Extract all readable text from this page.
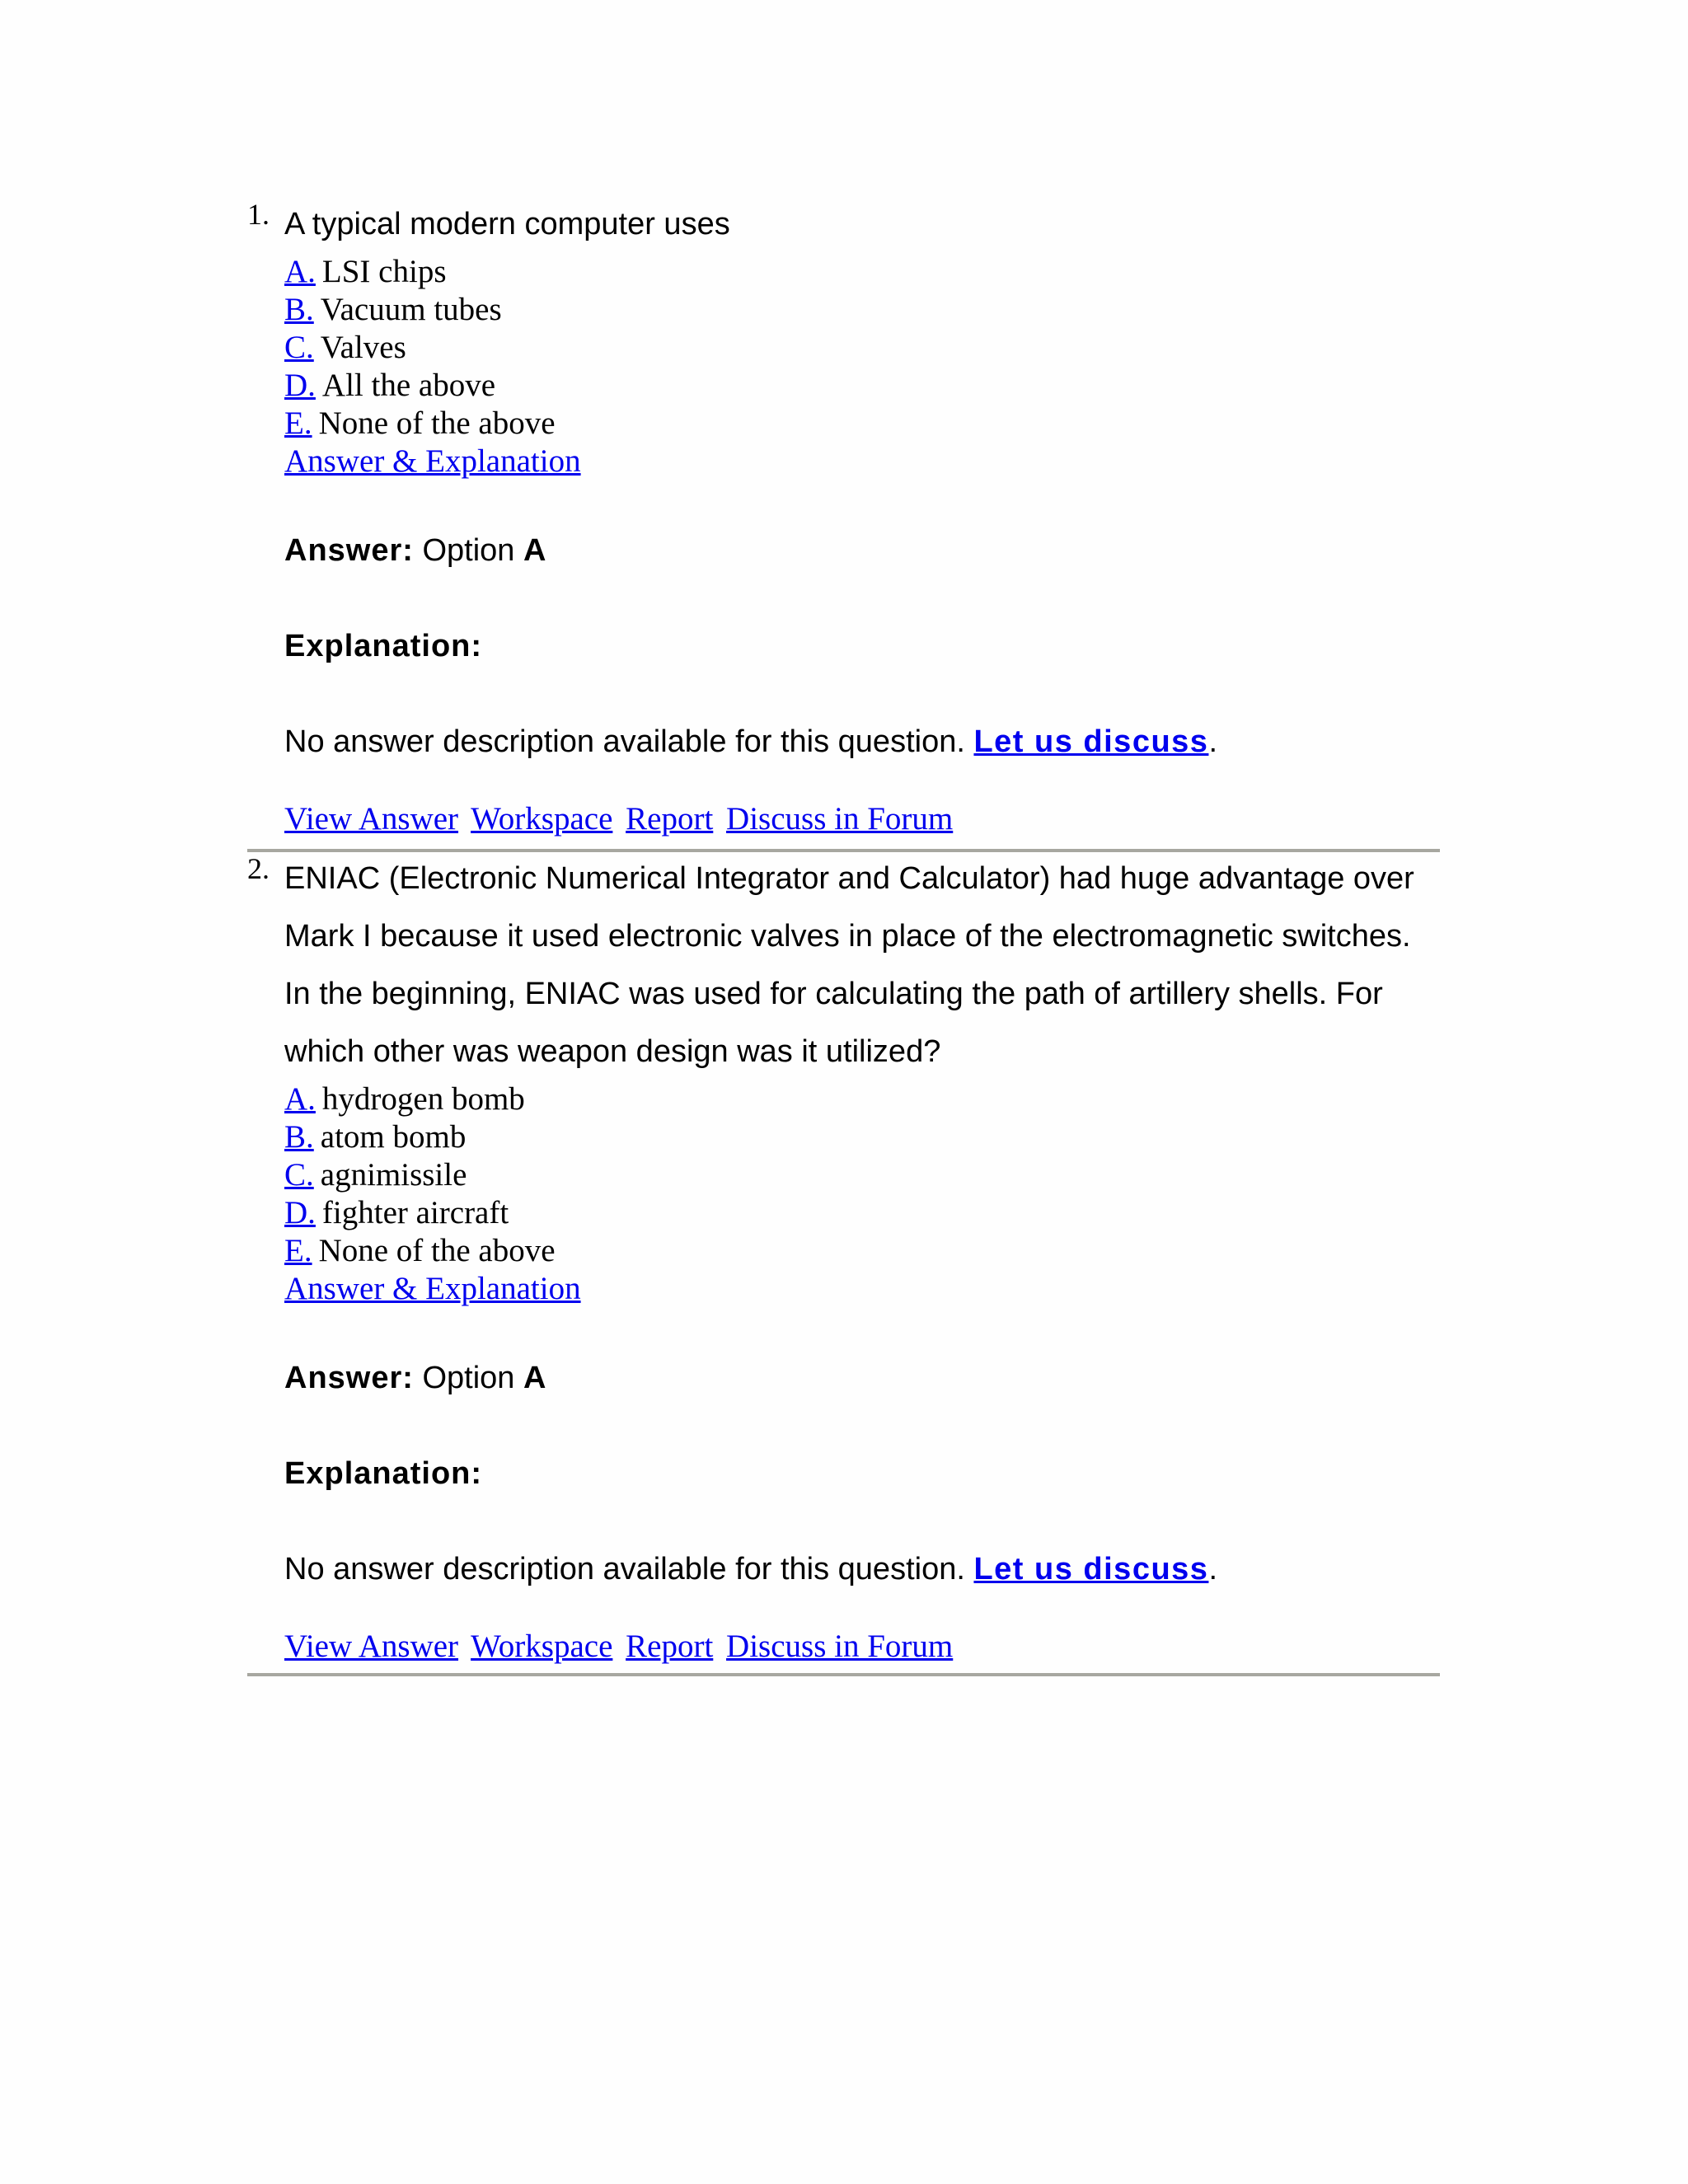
1. A typical modern computer uses
A. LSI chips
B. Vacuum tubes
C. Valves
D. All the above
E. None of the above
Answer & Explanation
Answer: Option A
Explanation:
No answer description available for this question. Let us discuss.
View Answer Workspace Report Discuss in Forum
2. ENIAC (Electronic Numerical Integrator and Calculator) had huge advantage over Mark I because it used electronic valves in place of the electromagnetic switches. In the beginning, ENIAC was used for calculating the path of artillery shells. For which other was weapon design was it utilized?
A. hydrogen bomb
B. atom bomb
C. agnimissile
D. fighter aircraft
E. None of the above
Answer & Explanation
Answer: Option A
Explanation:
No answer description available for this question. Let us discuss.
View Answer Workspace Report Discuss in Forum
